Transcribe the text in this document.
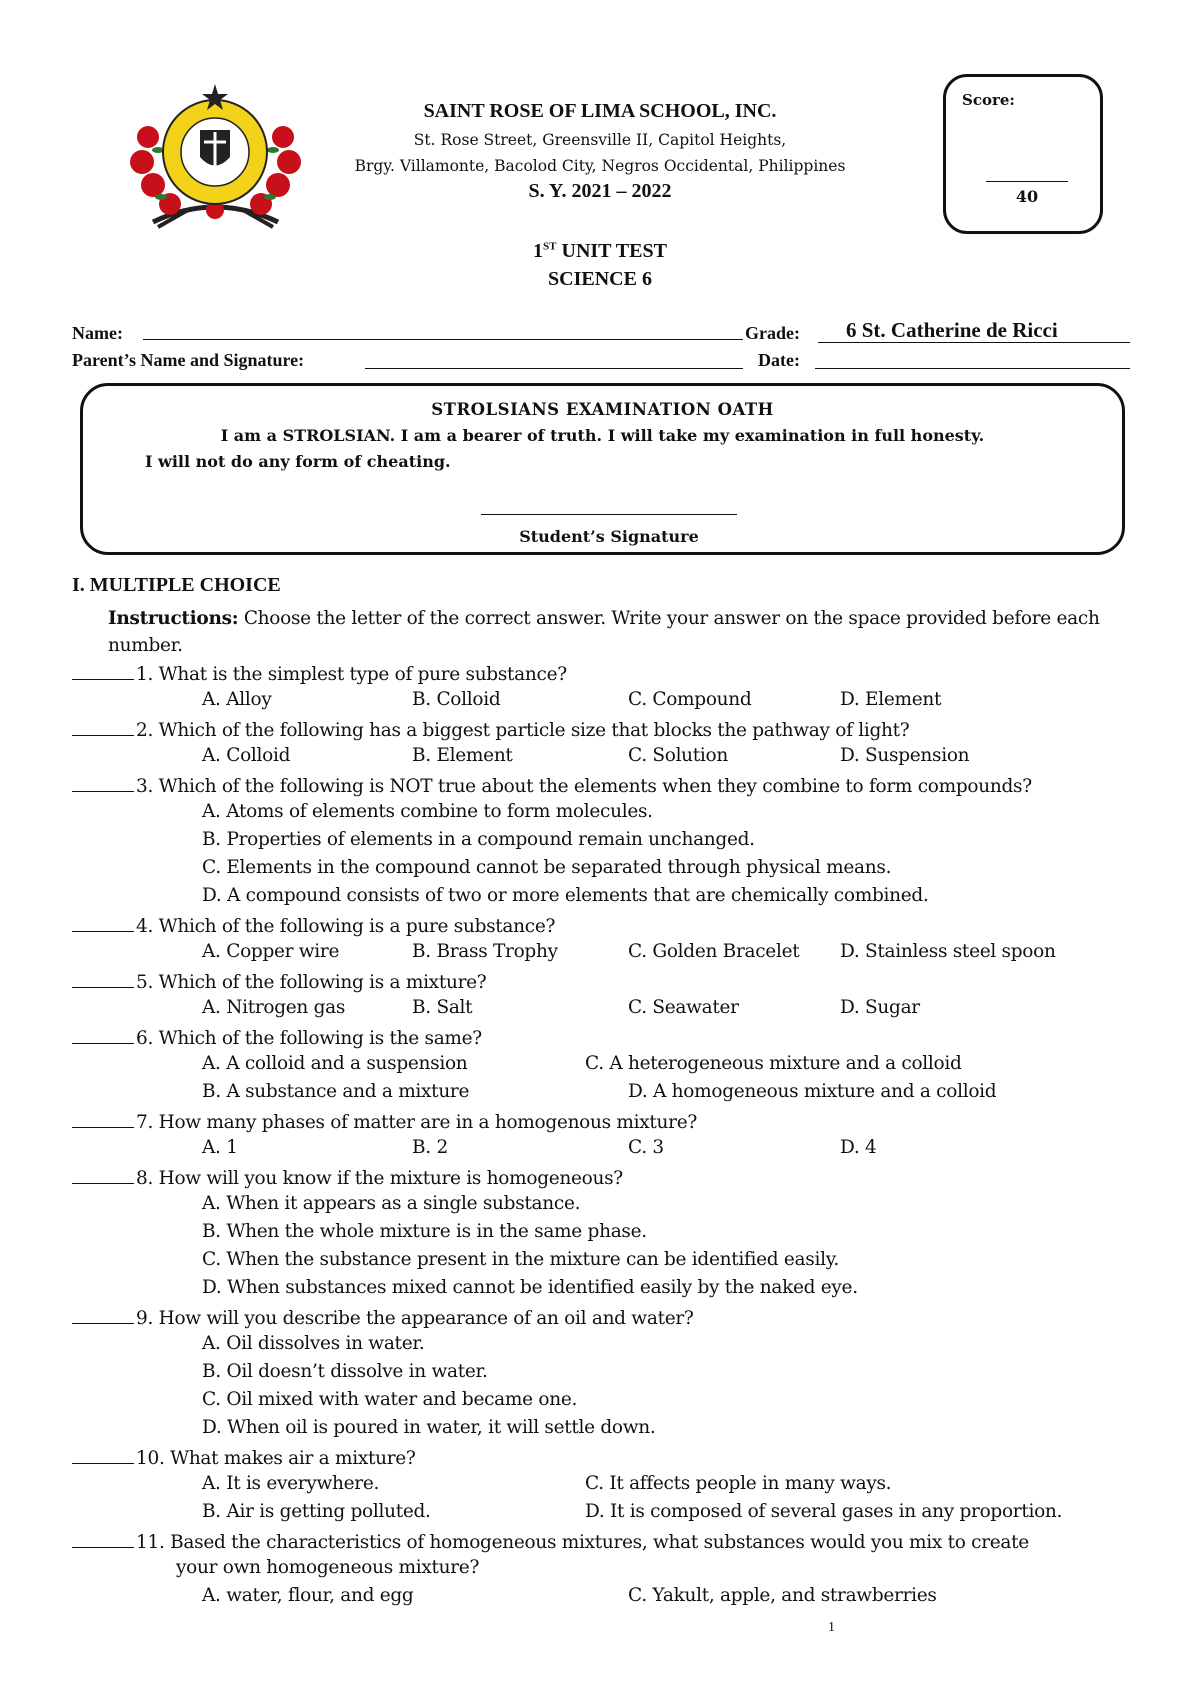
SAINT ROSE OF LIMA SCHOOL, INC.
St. Rose Street, Greensville II, Capitol Heights,
Brgy. Villamonte, Bacolod City, Negros Occidental, Philippines
S. Y. 2021 – 2022
Score:
40
1ST UNIT TEST
SCIENCE 6
Name:	Grade: 6 St. Catherine de Ricci
Parent’s Name and Signature:	Date:
STROLSIANS EXAMINATION OATH
I am a STROLSIAN. I am a bearer of truth. I will take my examination in full honesty.
I will not do any form of cheating.
Student’s Signature
I. MULTIPLE CHOICE
Instructions: Choose the letter of the correct answer. Write your answer on the space provided before each number.
1. What is the simplest type of pure substance?
A. Alloy	B. Colloid	C. Compound	D. Element
2. Which of the following has a biggest particle size that blocks the pathway of light?
A. Colloid	B. Element	C. Solution	D. Suspension
3. Which of the following is NOT true about the elements when they combine to form compounds?
A. Atoms of elements combine to form molecules.
B. Properties of elements in a compound remain unchanged.
C. Elements in the compound cannot be separated through physical means.
D. A compound consists of two or more elements that are chemically combined.
4. Which of the following is a pure substance?
A. Copper wire	B. Brass Trophy	C. Golden Bracelet D. Stainless steel spoon
5. Which of the following is a mixture?
A. Nitrogen gas	B. Salt	C. Seawater	D. Sugar
6. Which of the following is the same?
A. A colloid and a suspension	C. A heterogeneous mixture and a colloid
B. A substance and a mixture	D. A homogeneous mixture and a colloid
7. How many phases of matter are in a homogenous mixture?
A. 1	B. 2	C. 3	D. 4
8. How will you know if the mixture is homogeneous?
A. When it appears as a single substance.
B. When the whole mixture is in the same phase.
C. When the substance present in the mixture can be identified easily.
D. When substances mixed cannot be identified easily by the naked eye.
9. How will you describe the appearance of an oil and water?
A. Oil dissolves in water.
B. Oil doesn’t dissolve in water.
C. Oil mixed with water and became one.
D. When oil is poured in water, it will settle down.
10. What makes air a mixture?
A. It is everywhere.	C. It affects people in many ways.
B. Air is getting polluted.	D. It is composed of several gases in any proportion.
11. Based the characteristics of homogeneous mixtures, what substances would you mix to create
your own homogeneous mixture?
A. water, flour, and egg	C. Yakult, apple, and strawberries
1
